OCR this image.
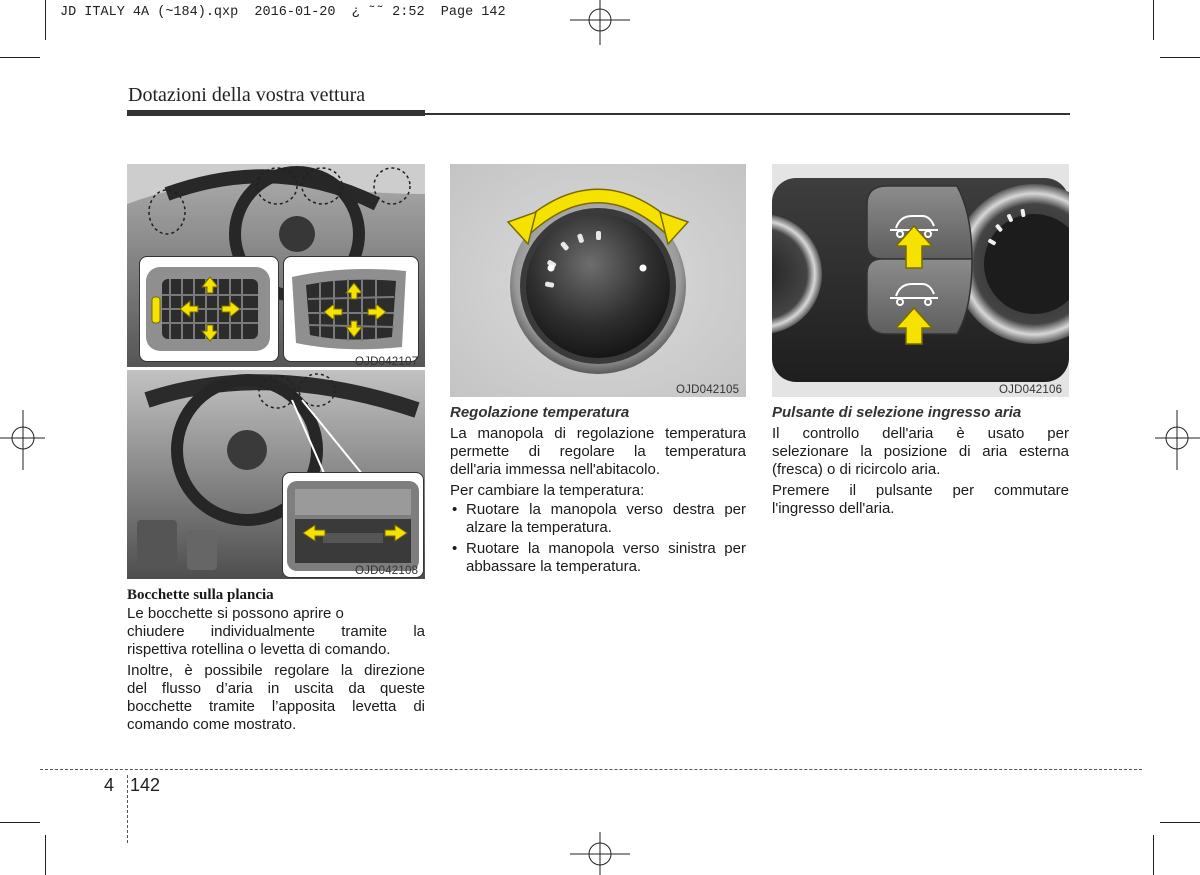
JD ITALY 4A (~184).qxp  2016-01-20  ¿ ˜˜ 2:52  Page 142
Dotazioni della vostra vettura
OJD042107
OJD042108
Bocchette sulla plancia
Le bocchette si possono aprire o
chiudere individualmente tramite la
rispettiva rotellina o levetta di comando.
Inoltre, è possibile regolare la direzione
del flusso d’aria in uscita da queste
bocchette tramite l’apposita levetta di
comando come mostrato.
OJD042105
Regolazione temperatura
La manopola di regolazione temperatura
permette di regolare la temperatura
dell'aria immessa nell'abitacolo.
Per cambiare la temperatura:
• Ruotare la manopola verso destra per
alzare la temperatura.
• Ruotare la manopola verso sinistra per
abbassare la temperatura.
OJD042106
Pulsante di selezione ingresso aria
Il controllo dell'aria è usato per
selezionare la posizione di aria esterna
(fresca) o di ricircolo aria.
Premere il pulsante per commutare
l'ingresso dell'aria.
4 142
